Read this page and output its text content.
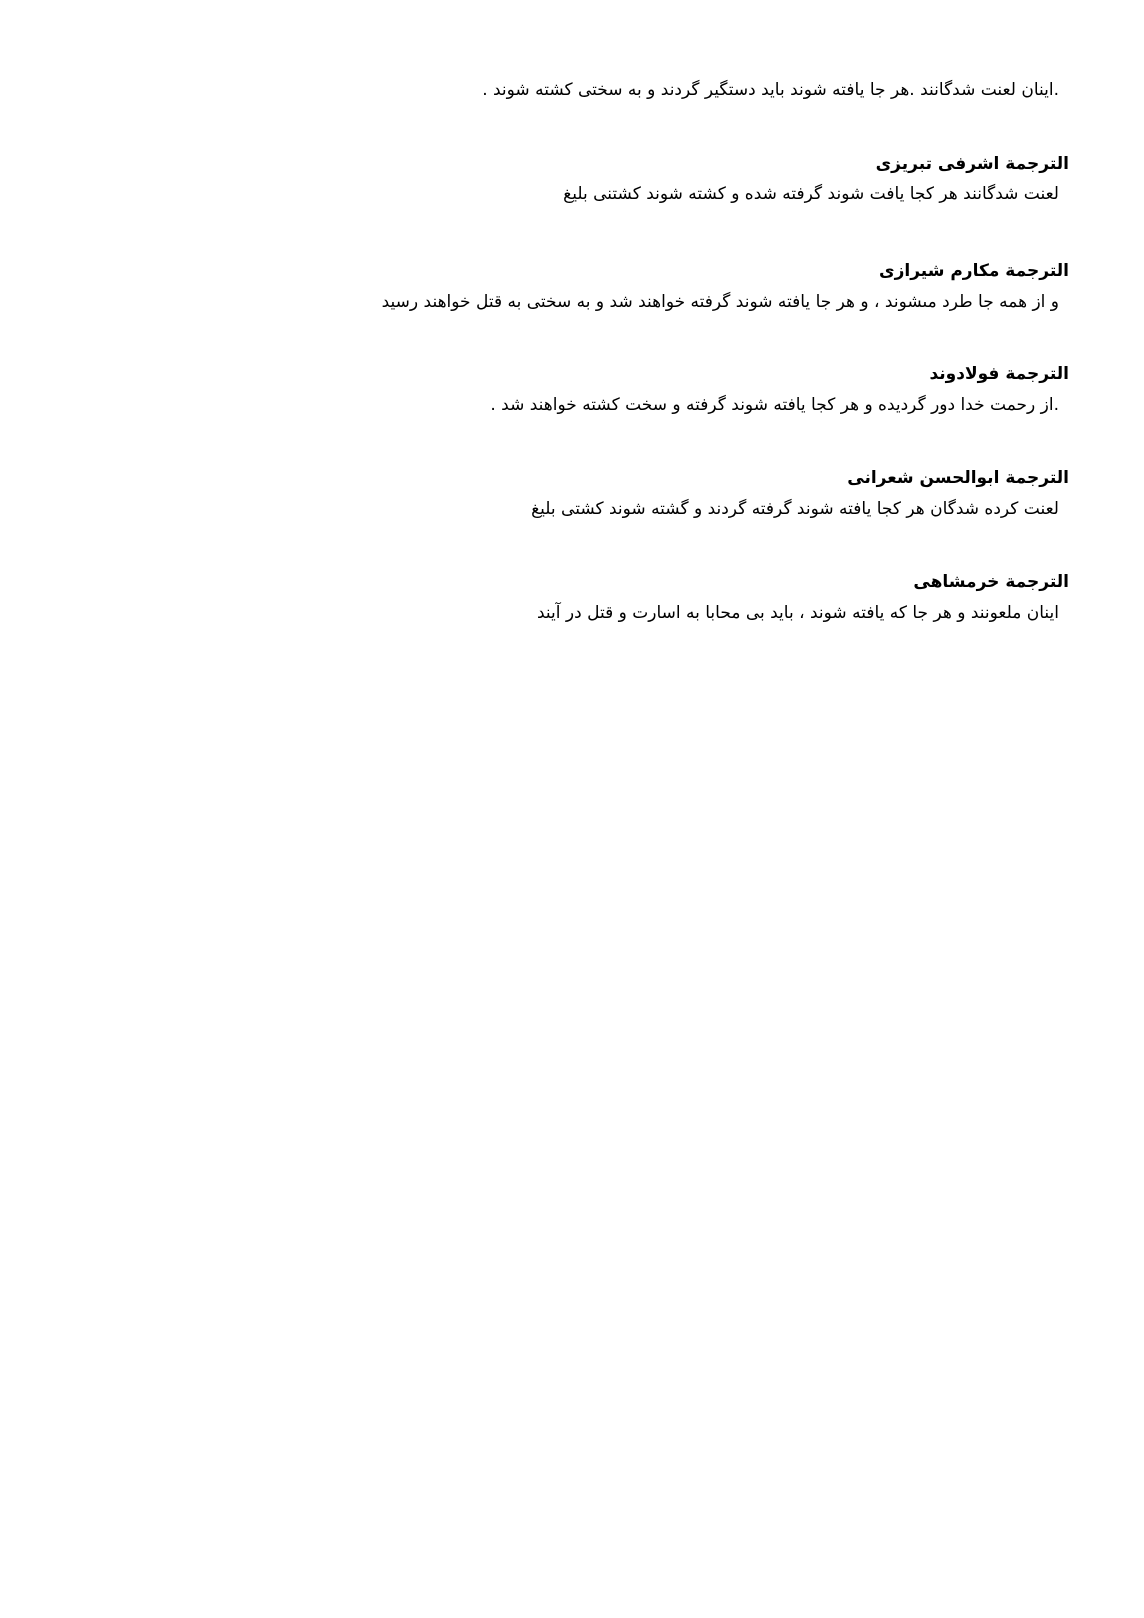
.اينان لعنت شدگانند .هر جا يافته شوند بايد دستگير گردند و به سختى كشته شوند .

الترجمة اشرفى تبريزى

لعنت شدگانند هر كجا يافت شوند گرفته شده و كشته شوند كشتنى بليغ

الترجمة مكارم شيرازى

و از همه جا طرد مى‏شوند ، و هر جا يافته شوند گرفته خواهند شد و به سختى به قتل خواهند رسيد

الترجمة فولادوند

.از رحمت خدا دور گرديده و هر كجا يافته شوند گرفته و سخت كشته خواهند شد .

الترجمة ابوالحسن شعرانى

لعنت كرده شدگان هر كجا يافته شوند گرفته گردند و گشته شوند كشتى بليغ

الترجمة خرمشاهى

اينان ملعونند و هر جا كه يافته شوند ، بايد بى محابا به اسارت و قتل در آيند
